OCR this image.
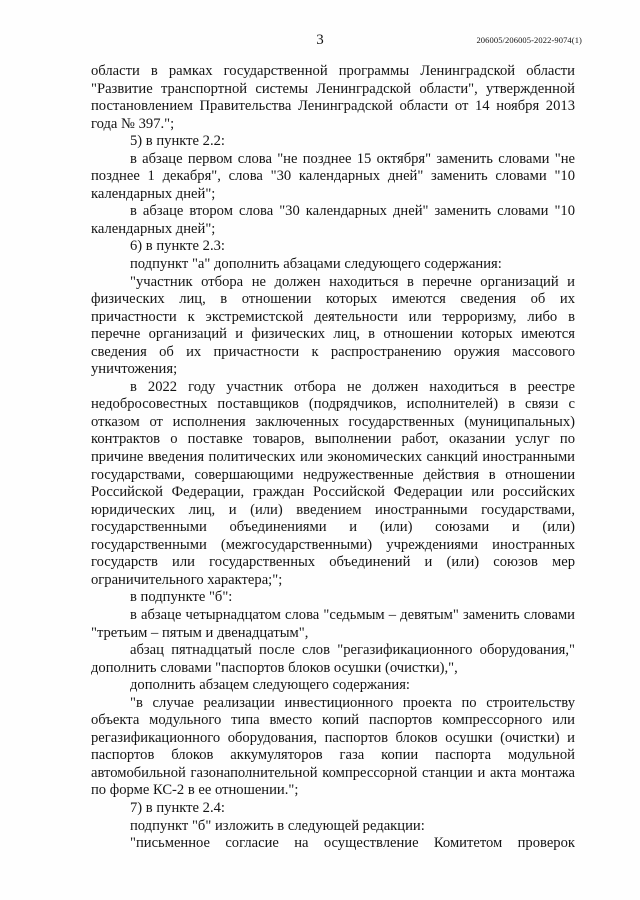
3	206005/206005-2022-9074(1)

области в рамках государственной программы Ленинградской области "Развитие транспортной системы Ленинградской области", утвержденной постановлением Правительства Ленинградской области от 14 ноября 2013 года № 397.";

5) в пункте 2.2:

в абзаце первом слова "не позднее 15 октября" заменить словами "не позднее 1 декабря", слова "30 календарных дней" заменить словами "10 календарных дней";

в абзаце втором слова "30 календарных дней" заменить словами "10 календарных дней";

6) в пункте 2.3:

подпункт "а" дополнить абзацами следующего содержания:

"участник отбора не должен находиться в перечне организаций и физических лиц, в отношении которых имеются сведения об их причастности к экстремистской деятельности или терроризму, либо в перечне организаций и физических лиц, в отношении которых имеются сведения об их причастности к распространению оружия массового уничтожения;

в 2022 году участник отбора не должен находиться в реестре недобросовестных поставщиков (подрядчиков, исполнителей) в связи с отказом от исполнения заключенных государственных (муниципальных) контрактов о поставке товаров, выполнении работ, оказании услуг по причине введения политических или экономических санкций иностранными государствами, совершающими недружественные действия в отношении Российской Федерации, граждан Российской Федерации или российских юридических лиц, и (или) введением иностранными государствами, государственными объединениями и (или) союзами и (или) государственными (межгосударственными) учреждениями иностранных государств или государственных объединений и (или) союзов мер ограничительного характера;";

в подпункте "б":

в абзаце четырнадцатом слова "седьмым – девятым" заменить словами "третьим – пятым и двенадцатым",

абзац пятнадцатый после слов "регазификационного оборудования," дополнить словами "паспортов блоков осушки (очистки),",

дополнить абзацем следующего содержания:

"в случае реализации инвестиционного проекта по строительству объекта модульного типа вместо копий паспортов компрессорного или регазификационного оборудования, паспортов блоков осушки (очистки) и паспортов блоков аккумуляторов газа копии паспорта модульной автомобильной газонаполнительной компрессорной станции и акта монтажа по форме КС-2 в ее отношении.";

7) в пункте 2.4:

подпункт "б" изложить в следующей редакции:

"письменное согласие на осуществление Комитетом проверок
